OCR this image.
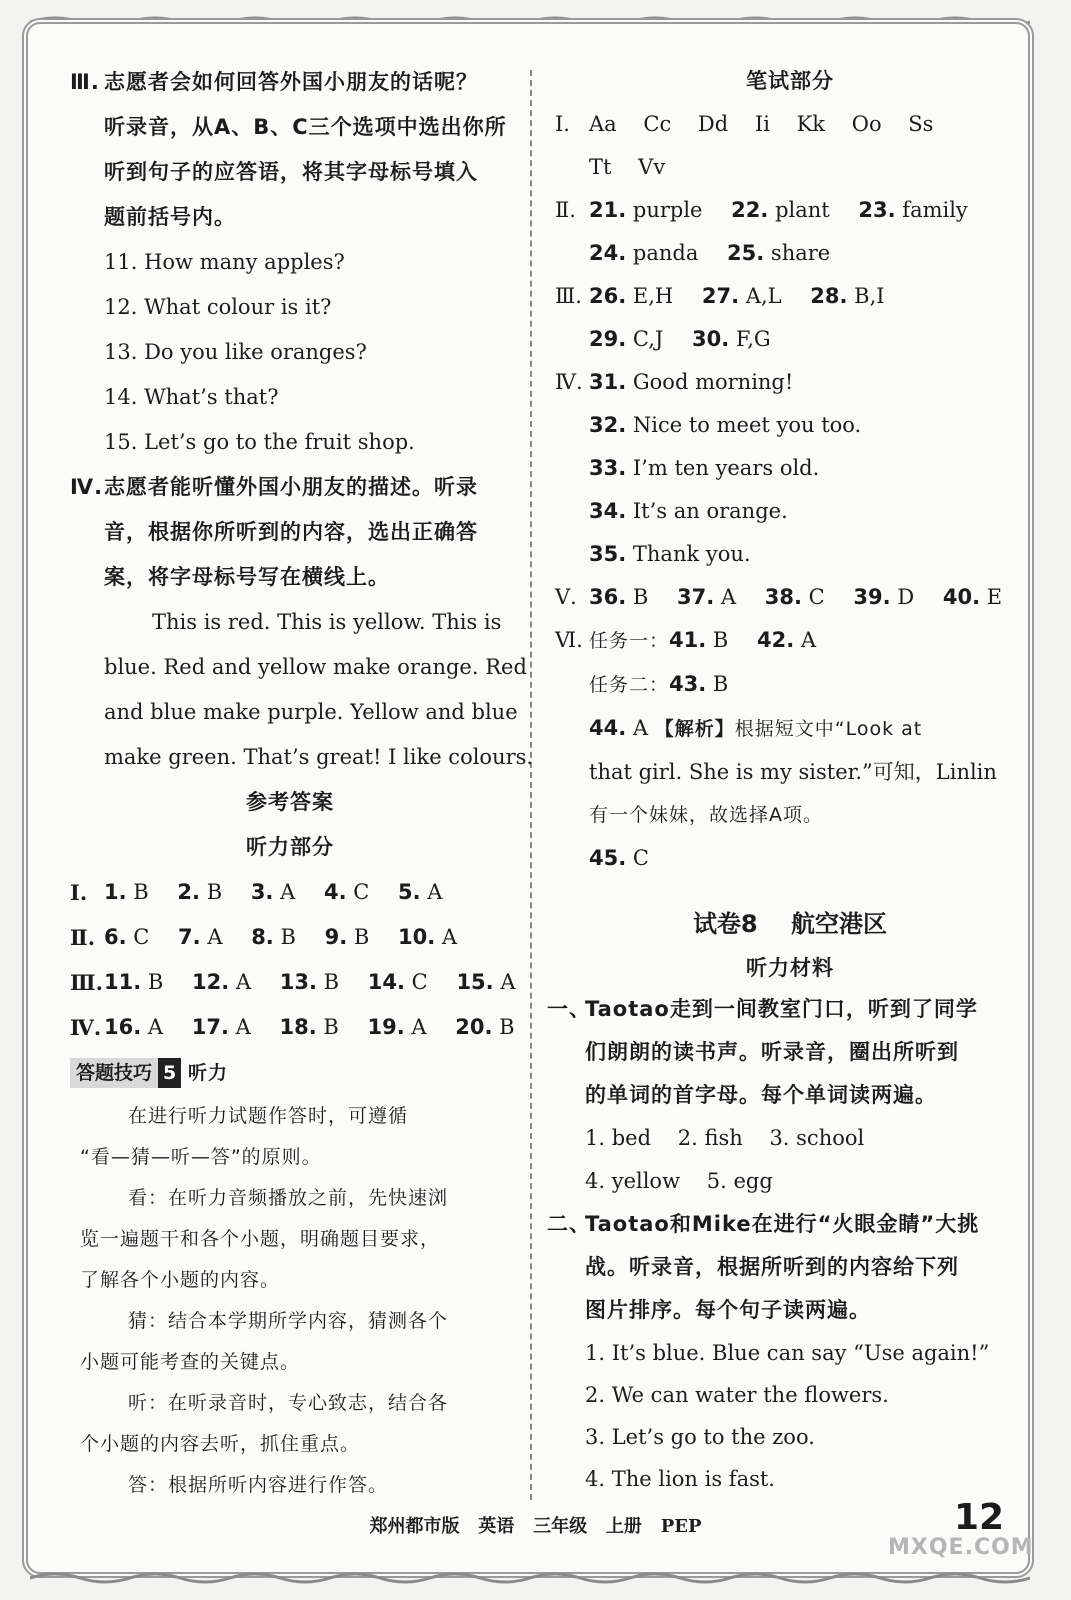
Ⅲ. 志愿者会如何回答外国小朋友的话呢？
听录音，从A、B、C三个选项中选出你所
听到句子的应答语，将其字母标号填入
题前括号内。
11. How many apples?
12. What colour is it?
13. Do you like oranges?
14. What’s that?
15. Let’s go to the fruit shop.
Ⅳ. 志愿者能听懂外国小朋友的描述。听录
音，根据你所听到的内容，选出正确答
案，将字母标号写在横线上。
This is red. This is yellow. This is
blue. Red and yellow make orange. Red
and blue make purple. Yellow and blue
make green. That’s great! I like colours.
参考答案
听力部分
Ⅰ. 1. B 2. B 3. A 4. C 5. A
Ⅱ. 6. C 7. A 8. B 9. B 10. A
Ⅲ. 11. B 12. A 13. B 14. C 15. A
Ⅳ. 16. A 17. A 18. B 19. A 20. B
答题技巧 5 听力
在进行听力试题作答时，可遵循
“看—猜—听—答”的原则。
看：在听力音频播放之前，先快速浏
览一遍题干和各个小题，明确题目要求，
了解各个小题的内容。
猜：结合本学期所学内容，猜测各个
小题可能考查的关键点。
听：在听录音时，专心致志，结合各
个小题的内容去听，抓住重点。
答：根据所听内容进行作答。
笔试部分
Ⅰ. Aa    Cc    Dd    Ii    Kk    Oo    Ss
Tt    Vv
Ⅱ. 21. purple 22. plant 23. family
24. panda 25. share
Ⅲ. 26. E,H 27. A,L 28. B,I
29. C,J 30. F,G
Ⅳ. 31. Good morning!
32. Nice to meet you too.
33. I’m ten years old.
34. It’s an orange.
35. Thank you.
Ⅴ. 36. B 37. A 38. C 39. D 40. E
Ⅵ. 任务一：41. B 42. A
任务二：43. B
44. A 【解析】根据短文中“Look at
that girl. She is my sister.”可知，Linlin
有一个妹妹，故选择A项。
45. C
试卷8    航空港区
听力材料
一、
Taotao走到一间教室门口，听到了同学
们朗朗的读书声。听录音，圈出所听到
的单词的首字母。每个单词读两遍。
1. bed    2. fish    3. school
4. yellow    5. egg
二、
Taotao和Mike在进行“火眼金睛”大挑
战。听录音，根据所听到的内容给下列
图片排序。每个句子读两遍。
1. It’s blue. Blue can say “Use again!”
2. We can water the flowers.
3. Let’s go to the zoo.
4. The lion is fast.
郑州都市版   英语   三年级   上册   PEP	12
MXQE.COM
